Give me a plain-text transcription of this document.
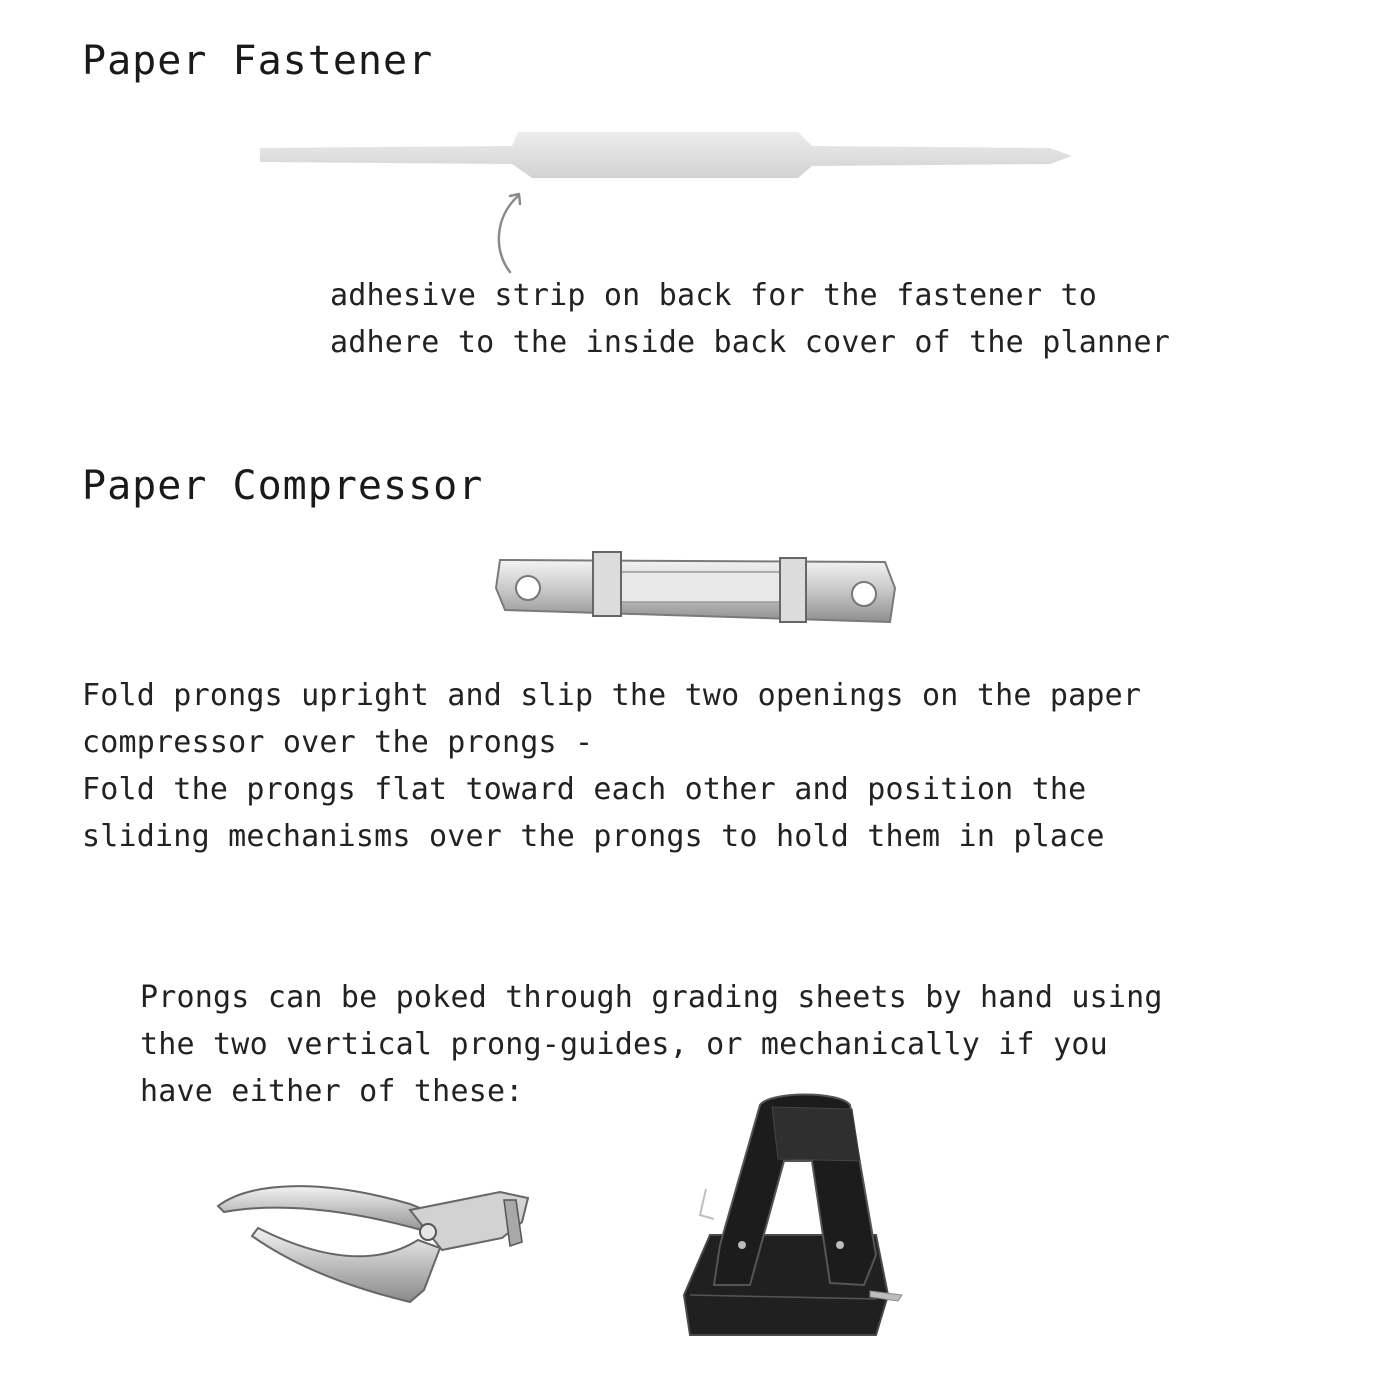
Paper Fastener

adhesive strip on back for the fastener to

adhere to the inside back cover of the planner

Paper Compressor

Fold prongs upright and slip the two openings on the paper
compressor over the prongs -

Fold the prongs flat toward each other and position the
sliding mechanisms over the prongs to hold them in place

Prongs can be poked through grading sheets by hand using
the two vertical prong-guides, or mechanically if you
have either of these:
